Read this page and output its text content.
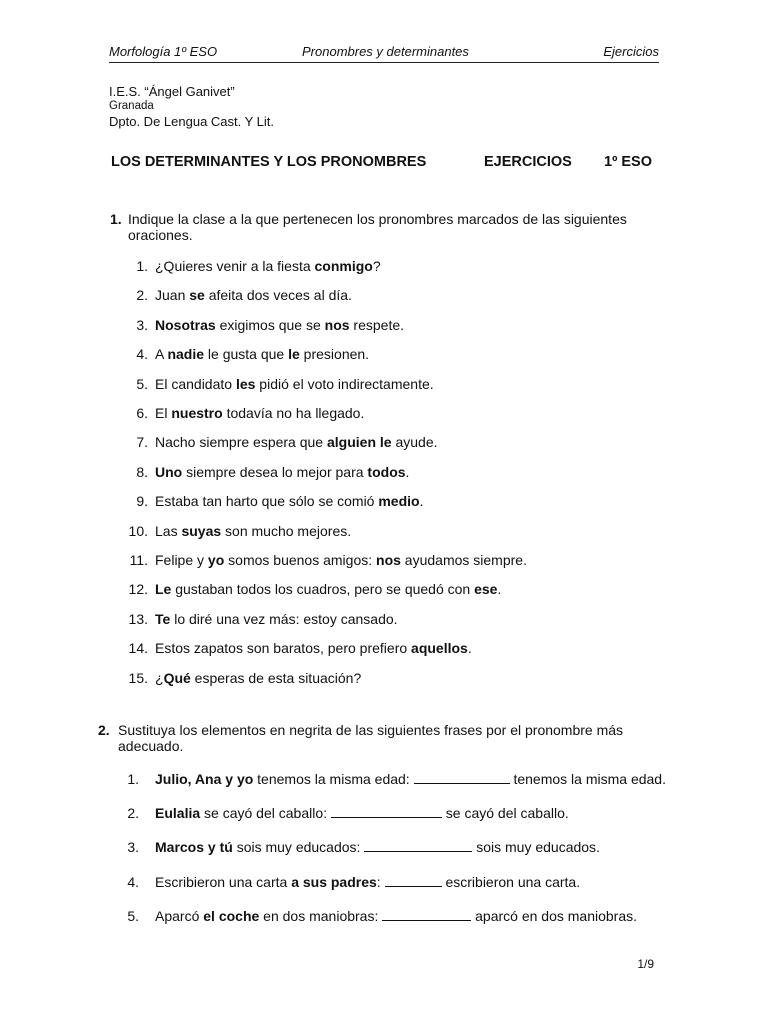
Morfología 1º ESO	Pronombres y determinantes	Ejercicios
I.E.S. “Ángel Ganivet”
Granada
Dpto. De Lengua Cast. Y Lit.
LOS DETERMINANTES Y LOS PRONOMBRES	EJERCICIOS 1º ESO
1. Indique la clase a la que pertenecen los pronombres marcados de las siguientes
oraciones.
1. ¿Quieres venir a la fiesta conmigo?
2. Juan se afeita dos veces al día.
3. Nosotras exigimos que se nos respete.
4. A nadie le gusta que le presionen.
5. El candidato les pidió el voto indirectamente.
6. El nuestro todavía no ha llegado.
7. Nacho siempre espera que alguien le ayude.
8. Uno siempre desea lo mejor para todos.
9. Estaba tan harto que sólo se comió medio.
10. Las suyas son mucho mejores.
11. Felipe y yo somos buenos amigos: nos ayudamos siempre.
12. Le gustaban todos los cuadros, pero se quedó con ese.
13. Te lo diré una vez más: estoy cansado.
14. Estos zapatos son baratos, pero prefiero aquellos.
15. ¿Qué esperas de esta situación?
2. Sustituya los elementos en negrita de las siguientes frases por el pronombre más
adecuado.
1. Julio, Ana y yo tenemos la misma edad:	tenemos la misma edad.
2. Eulalia se cayó del caballo:	se cayó del caballo.
3. Marcos y tú sois muy educados:	sois muy educados.
4. Escribieron una carta a sus padres:	escribieron una carta.
5. Aparcó el coche en dos maniobras:	aparcó en dos maniobras.
1/9
